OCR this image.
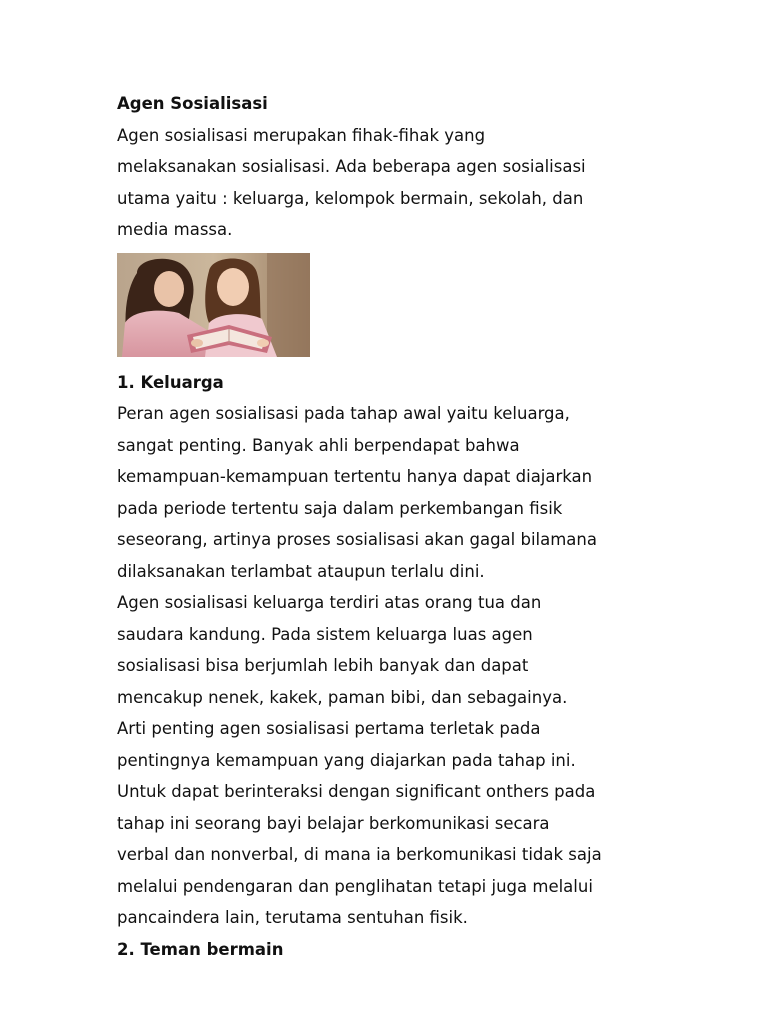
Agen Sosialisasi

Agen sosialisasi merupakan fihak-fihak yang

melaksanakan sosialisasi. Ada beberapa agen sosialisasi

utama yaitu : keluarga, kelompok bermain, sekolah, dan

media massa.

1. Keluarga

Peran agen sosialisasi pada tahap awal yaitu keluarga,

sangat penting. Banyak ahli berpendapat bahwa

kemampuan-kemampuan tertentu hanya dapat diajarkan

pada periode tertentu saja dalam perkembangan fisik

seseorang, artinya proses sosialisasi akan gagal bilamana

dilaksanakan terlambat ataupun terlalu dini.

Agen sosialisasi keluarga terdiri atas orang tua dan

saudara kandung. Pada sistem keluarga luas agen

sosialisasi bisa berjumlah lebih banyak dan dapat

mencakup nenek, kakek, paman bibi, dan sebagainya.

Arti penting agen sosialisasi pertama terletak pada

pentingnya kemampuan yang diajarkan pada tahap ini.

Untuk dapat berinteraksi dengan significant onthers pada

tahap ini seorang bayi belajar berkomunikasi secara

verbal dan nonverbal, di mana ia berkomunikasi tidak saja

melalui pendengaran dan penglihatan tetapi juga melalui

pancaindera lain, terutama sentuhan fisik.

2. Teman bermain
